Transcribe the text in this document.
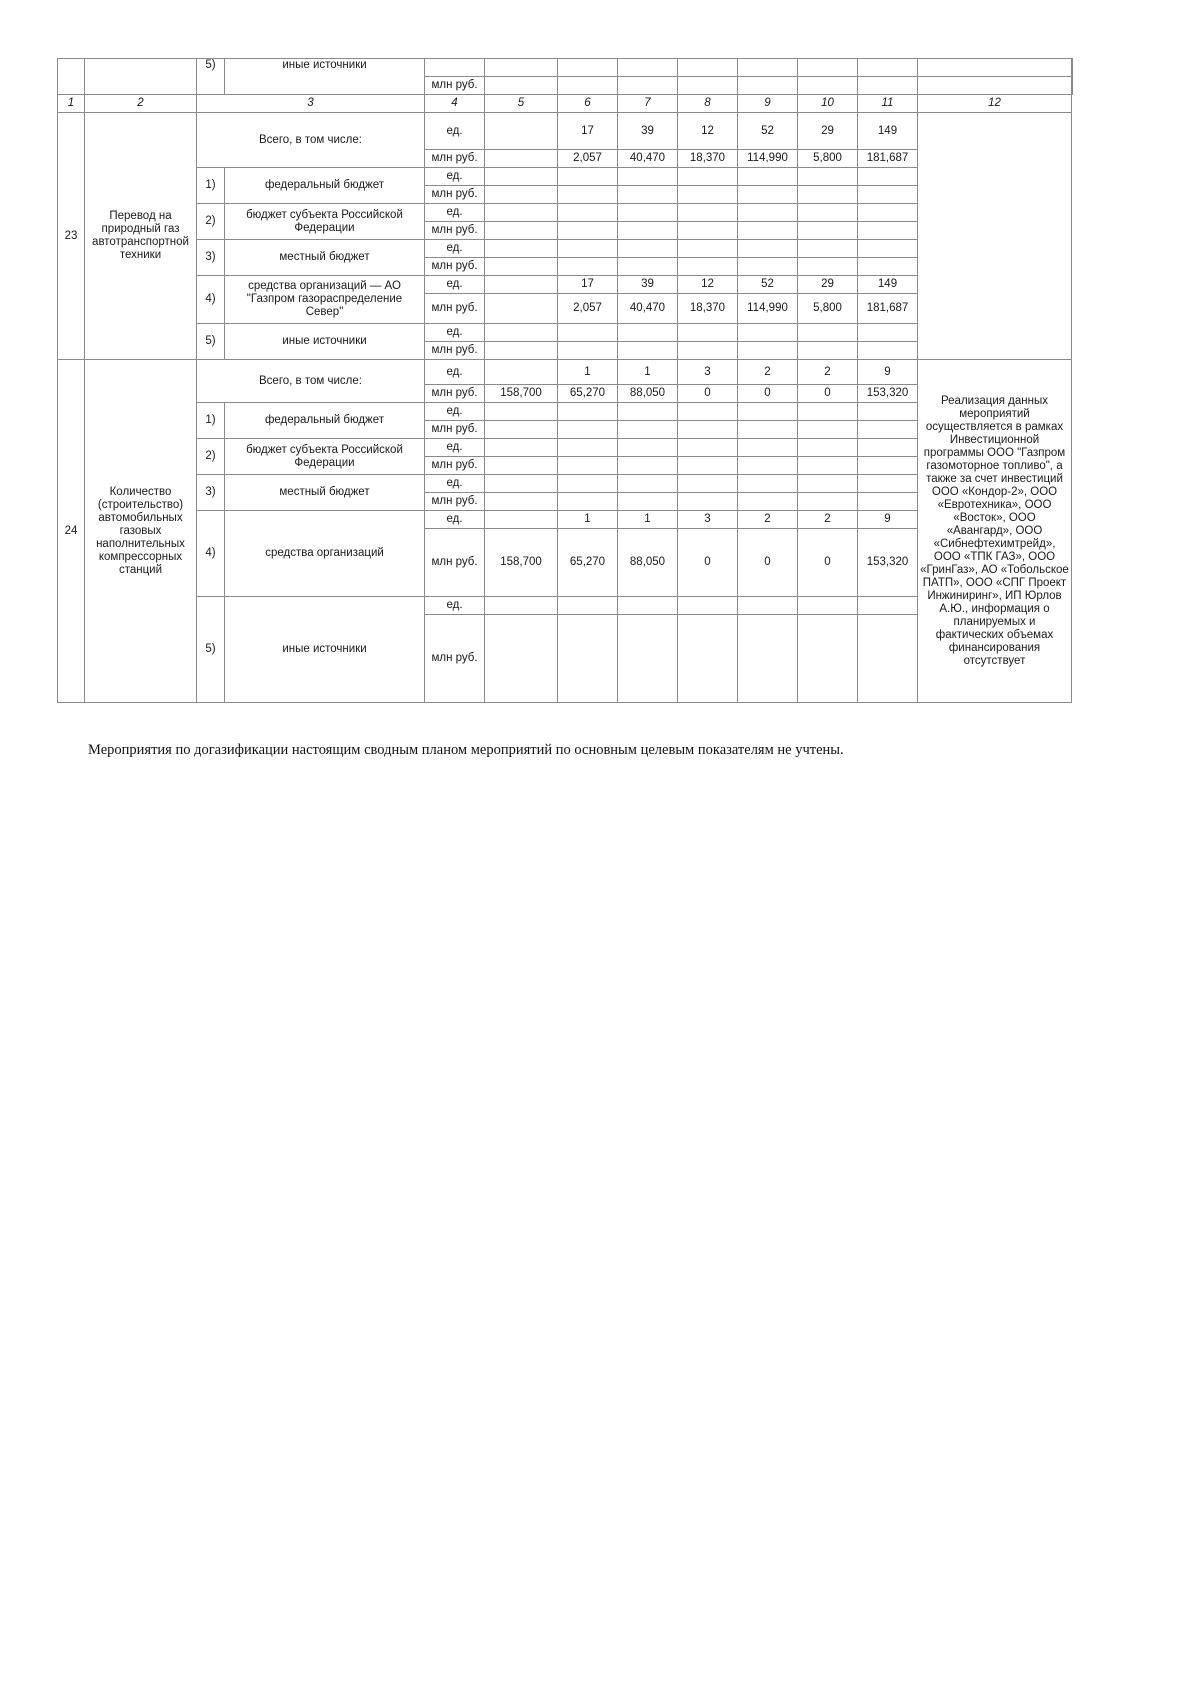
		5)	иные источники										
				млн руб.									
1	2	3		4	5	6	7	8	9	10	11	12	
23	Перевод на природный газ автотранспортной техники	Всего, в том числе:		ед.		17	39	12	52	29	149		
				млн руб.		2,057	40,470	18,370	114,990	5,800	181,687		
		1)	федеральный бюджет	ед.									
				млн руб.									
		2)	бюджет субъекта Российской Федерации	ед.									
				млн руб.									
		3)	местный бюджет	ед.									
				млн руб.									
		4)	средства организаций — АО "Газпром газораспределение Север"	ед.		17	39	12	52	29	149		
				млн руб.		2,057	40,470	18,370	114,990	5,800	181,687		
		5)	иные источники	ед.									
				млн руб.									
24	Количество (строительство) автомобильных газовых наполнительных компрессорных станций	Всего, в том числе:		ед.		1	1	3	2	2	9	Реализация данных мероприятий осуществляется в рамках Инвестиционной программы ООО "Газпром газомоторное топливо", а также за счет инвестиций ООО «Кондор-2», ООО «Евротехника», ООО «Восток», ООО «Авангард», ООО «Сибнефтехимтрейд», ООО «ТПК ГАЗ», ООО «ГринГаз», АО «Тобольское ПАТП», ООО «СПГ Проект Инжиниринг», ИП Юрлов А.Ю., информация о планируемых и фактических объемах финансирования отсутствует	
				млн руб.	158,700	65,270	88,050	0	0	0	153,320		
		1)	федеральный бюджет	ед.									
				млн руб.									
		2)	бюджет субъекта Российской Федерации	ед.									
				млн руб.									
		3)	местный бюджет	ед.									
				млн руб.									
		4)	средства организаций	ед.		1	1	3	2	2	9		
				млн руб.	158,700	65,270	88,050	0	0	0	153,320		
		5)	иные источники	ед.									
				млн руб.									
Мероприятия по догазификации настоящим сводным планом мероприятий по основным целевым показателям не учтены.
